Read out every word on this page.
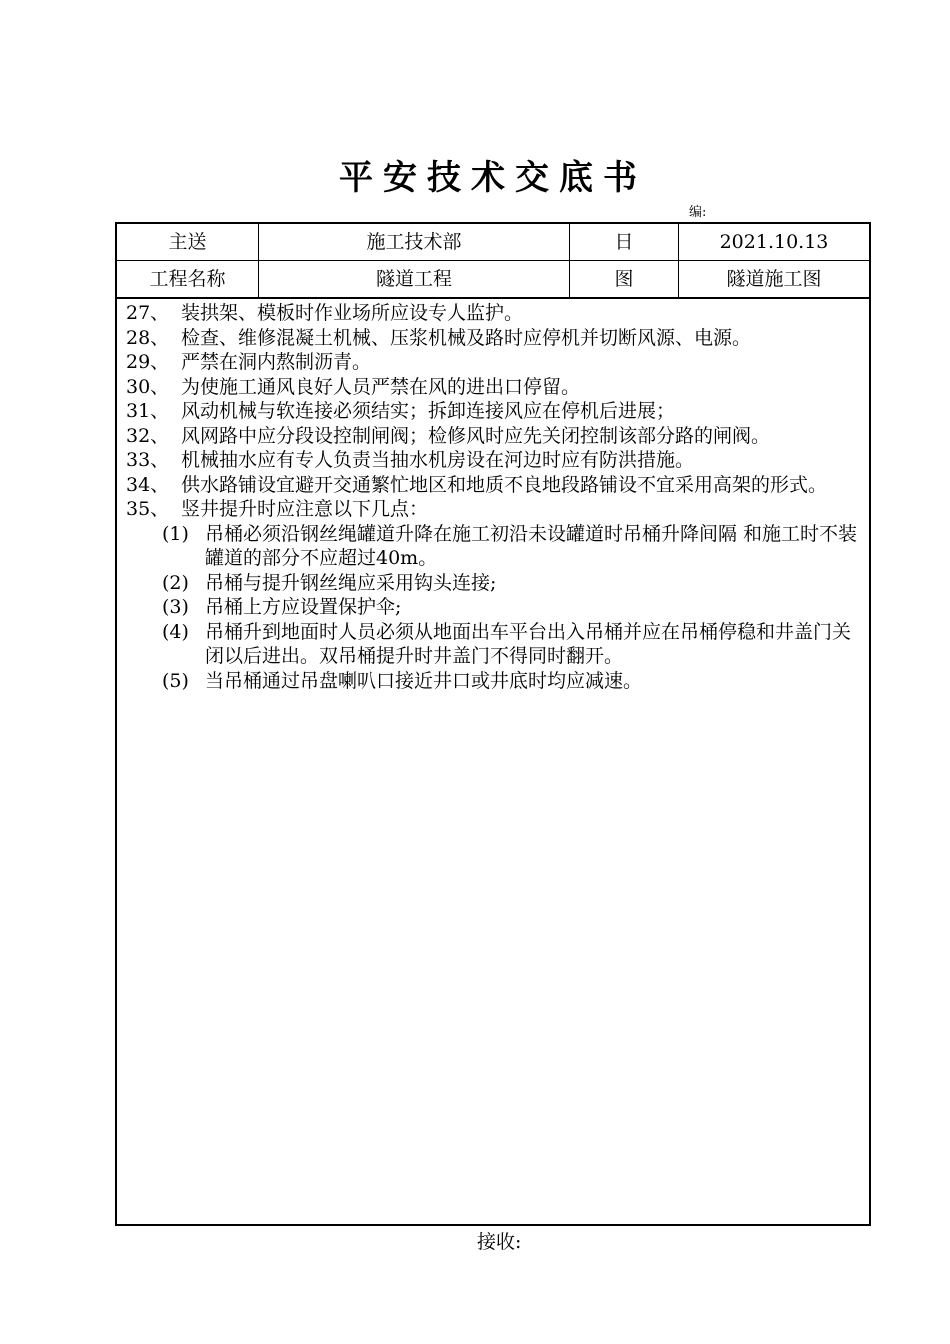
平安技术交底书
编:
主送	施工技术部	日	2021.10.13
工程名称	隧道工程	图	隧道施工图
27、 装拱架、模板时作业场所应设专人监护。
28、 检查、维修混凝土机械、压浆机械及路时应停机并切断风源、电源。
29、 严禁在洞内熬制沥青。
30、 为使施工通风良好人员严禁在风的进出口停留。
31、 风动机械与软连接必须结实；拆卸连接风应在停机后进展；
32、 风网路中应分段设控制闸阀；检修风时应先关闭控制该部分路的闸阀。
33、 机械抽水应有专人负责当抽水机房设在河边时应有防洪措施。
34、 供水路铺设宜避开交通繁忙地区和地质不良地段路铺设不宜采用高架的形式。
35、 竖井提升时应注意以下几点：
(1) 吊桶必须沿钢丝绳罐道升降在施工初沿未设罐道时吊桶升降间隔 和施工时不装罐道的部分不应超过40m。
(2) 吊桶与提升钢丝绳应采用钩头连接;
(3) 吊桶上方应设置保护伞;
(4) 吊桶升到地面时人员必须从地面出车平台出入吊桶并应在吊桶停稳和井盖门关闭以后进出。双吊桶提升时井盖门不得同时翻开。
(5) 当吊桶通过吊盘喇叭口接近井口或井底时均应减速。
接收:
